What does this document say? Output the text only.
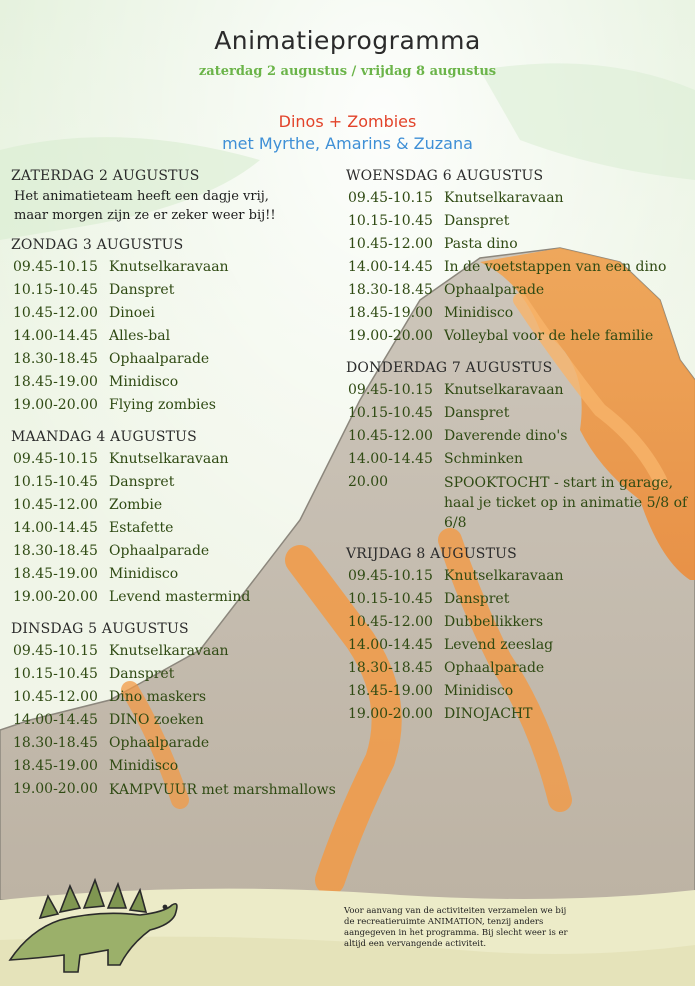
Animatieprogramma
zaterdag 2 augustus / vrijdag 8 augustus
Dinos + Zombies
met Myrthe, Amarins & Zuzana
ZATERDAG 2 AUGUSTUS
Het animatieteam heeft een dagje vrij,
maar morgen zijn ze er zeker weer bij!!
ZONDAG 3 AUGUSTUS
09.45-10.15 Knutselkaravaan
10.15-10.45 Danspret
10.45-12.00 Dinoei
14.00-14.45 Alles-bal
18.30-18.45 Ophaalparade
18.45-19.00 Minidisco
19.00-20.00 Flying zombies
MAANDAG 4 AUGUSTUS
09.45-10.15 Knutselkaravaan
10.15-10.45 Danspret
10.45-12.00 Zombie
14.00-14.45 Estafette
18.30-18.45 Ophaalparade
18.45-19.00 Minidisco
19.00-20.00 Levend mastermind
DINSDAG 5 AUGUSTUS
09.45-10.15 Knutselkaravaan
10.15-10.45 Danspret
10.45-12.00 Dino maskers
14.00-14.45 DINO zoeken
18.30-18.45 Ophaalparade
18.45-19.00 Minidisco
19.00-20.00 KAMPVUUR met marshmallows
WOENSDAG 6 AUGUSTUS
09.45-10.15 Knutselkaravaan
10.15-10.45 Danspret
10.45-12.00 Pasta dino
14.00-14.45 In de voetstappen van een dino
18.30-18.45 Ophaalparade
18.45-19.00 Minidisco
19.00-20.00 Volleybal voor de hele familie
DONDERDAG 7 AUGUSTUS
09.45-10.15 Knutselkaravaan
10.15-10.45 Danspret
10.45-12.00 Daverende dino's
14.00-14.45 Schminken
20.00	SPOOKTOCHT - start in garage, haal je ticket op in animatie 5/8 of 6/8
VRIJDAG 8 AUGUSTUS
09.45-10.15 Knutselkaravaan
10.15-10.45 Danspret
10.45-12.00 Dubbellikkers
14.00-14.45 Levend zeeslag
18.30-18.45 Ophaalparade
18.45-19.00 Minidisco
19.00-20.00 DINOJACHT
Voor aanvang van de activiteiten verzamelen we bij de recreatieruimte ANIMATION, tenzij anders aangegeven in het programma. Bij slecht weer is er altijd een vervangende activiteit.
